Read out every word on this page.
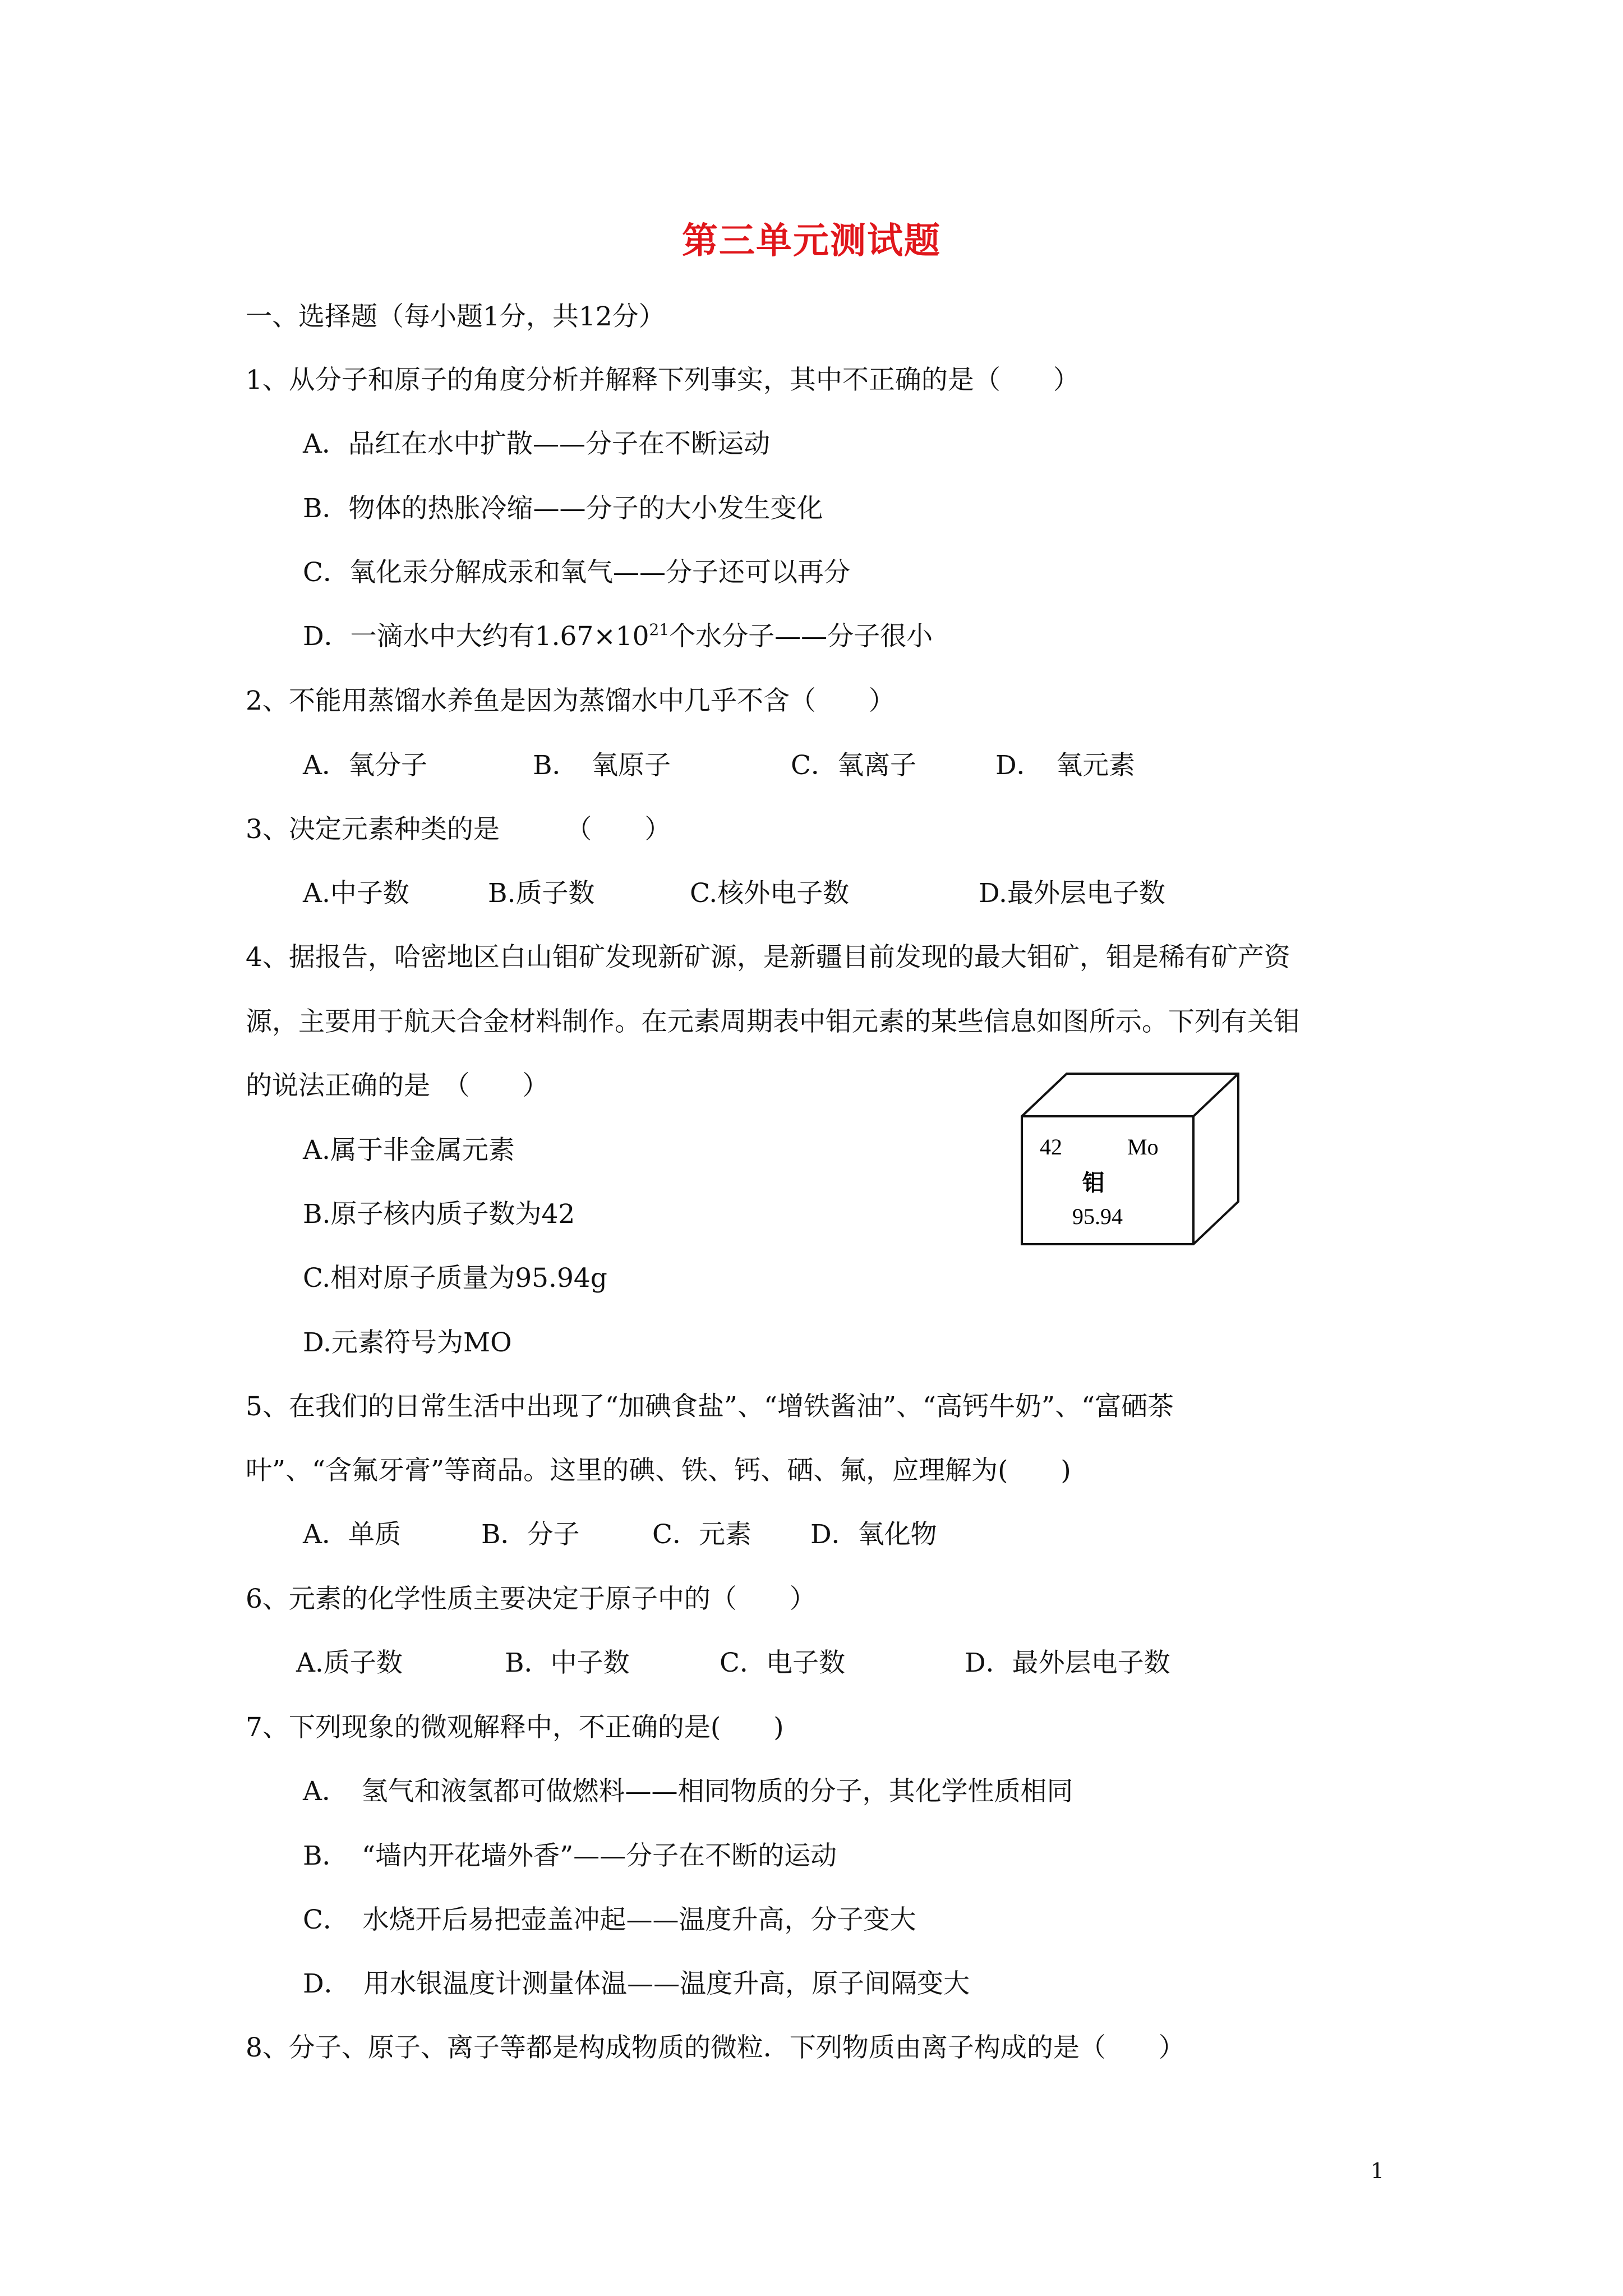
第三单元测试题
一、选择题（每小题1分，共12分）
1、从分子和原子的角度分析并解释下列事实，其中不正确的是（　　）
A．品红在水中扩散——分子在不断运动
B．物体的热胀冷缩——分子的大小发生变化
C．氧化汞分解成汞和氧气——分子还可以再分
D．一滴水中大约有$1.67\times 10^{21}$个水分子——分子很小
2、不能用蒸馏水养鱼是因为蒸馏水中几乎不含（　　）
A．氧分子	B．　氧原子	C．氧离子	D．　氧元素
3、决定元素种类的是　　　（　　）
A.中子数	B.质子数	C.核外电子数	D.最外层电子数
4、据报告，哈密地区白山钼矿发现新矿源，是新疆目前发现的最大钼矿，钼是稀有矿产资
源，主要用于航天合金材料制作。在元素周期表中钼元素的某些信息如图所示。下列有关钼
的说法正确的是　（　　）
A.属于非金属元素
B.原子核内质子数为42
C.相对原子质量为95.94g
D.元素符号为MO
42	Mo
钼
95.94
5、在我们的日常生活中出现了“加碘食盐”、“增铁酱油”、“高钙牛奶”、“富硒茶
叶”、“含氟牙膏”等商品。这里的碘、铁、钙、硒、氟，应理解为(　　)
A．单质	B．分子	C．元素 D．氧化物
6、元素的化学性质主要决定于原子中的（　　）
A.质子数	B．中子数	C．电子数	D．最外层电子数
7、下列现象的微观解释中，不正确的是(　　)
A．　氢气和液氢都可做燃料——相同物质的分子，其化学性质相同
B．　“墙内开花墙外香”——分子在不断的运动
C．　水烧开后易把壶盖冲起——温度升高，分子变大
D．　用水银温度计测量体温——温度升高，原子间隔变大
8、分子、原子、离子等都是构成物质的微粒．下列物质由离子构成的是（　　）
1
